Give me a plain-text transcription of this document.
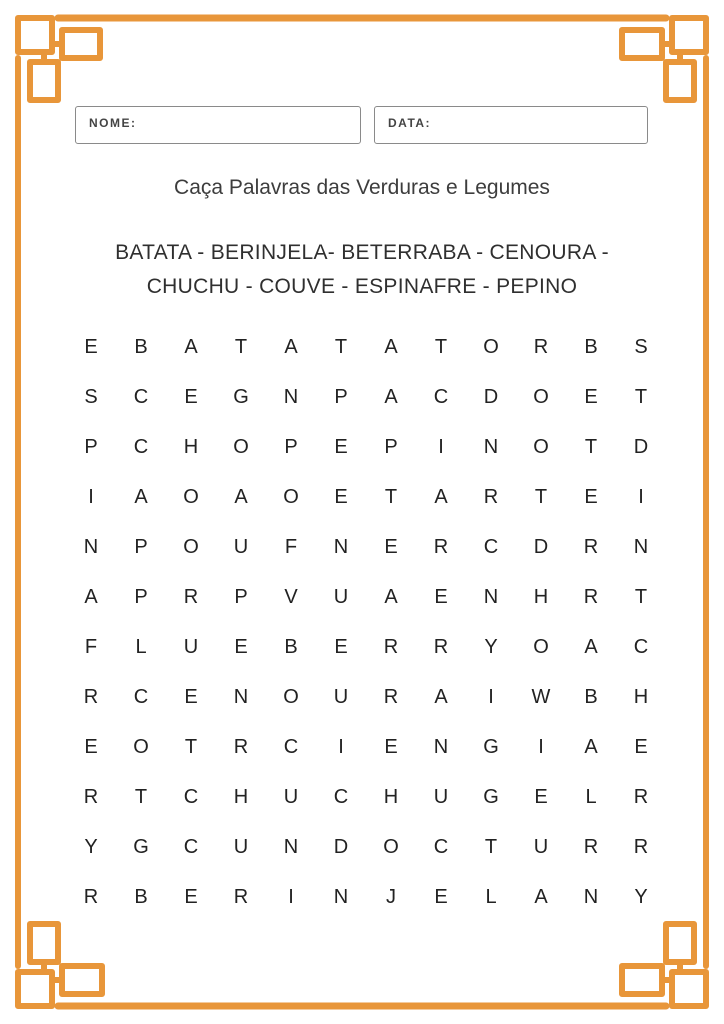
NOME:	DATA:
Caça Palavras das Verduras e Legumes
BATATA - BERINJELA- BETERRABA - CENOURA -
CHUCHU - COUVE - ESPINAFRE - PEPINO
E	B	A	T	A	T	A	T	O	R	B	S
S	C	E	G	N	P	A	C	D	O	E	T
P	C	H	O	P	E	P	I	N	O	T	D
I	A	O	A	O	E	T	A	R	T	E	I
N	P	O	U	F	N	E	R	C	D	R	N
A	P	R	P	V	U	A	E	N	H	R	T
F	L	U	E	B	E	R	R	Y	O	A	C
R	C	E	N	O	U	R	A	I	W	B	H
E	O	T	R	C	I	E	N	G	I	A	E
R	T	C	H	U	C	H	U	G	E	L	R
Y	G	C	U	N	D	O	C	T	U	R	R
R	B	E	R	I	N	J	E	L	A	N	Y
